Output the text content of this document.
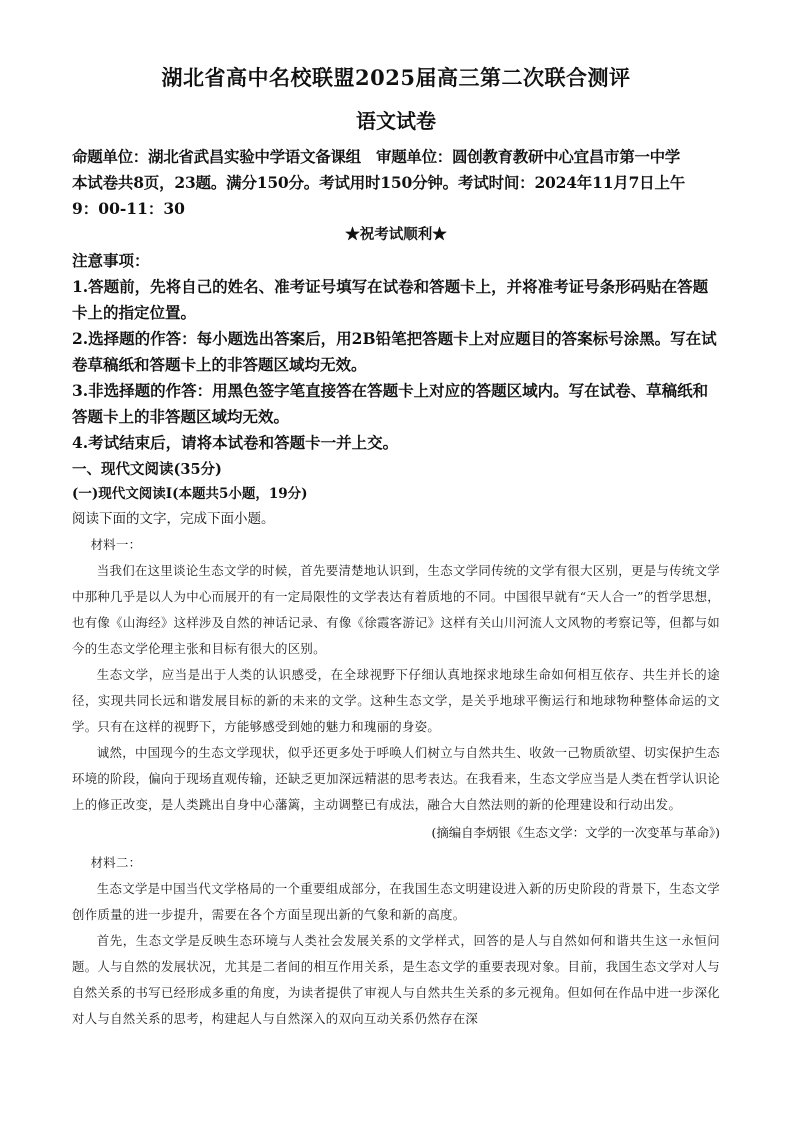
湖北省高中名校联盟2025届高三第二次联合测评
语文试卷

命题单位：湖北省武昌实验中学语文备课组　审题单位：圆创教育教研中心宜昌市第一中学

本试卷共8页，23题。满分150分。考试用时150分钟。考试时间：2024年11月7日上午

9：00-11：30

★祝考试顺利★
注意事项：

1.答题前，先将自己的姓名、准考证号填写在试卷和答题卡上，并将准考证号条形码贴在答题卡上的指定位置。

2.选择题的作答：每小题选出答案后，用2B铅笔把答题卡上对应题目的答案标号涂黑。写在试卷草稿纸和答题卡上的非答题区域均无效。

3.非选择题的作答：用黑色签字笔直接答在答题卡上对应的答题区域内。写在试卷、草稿纸和答题卡上的非答题区域均无效。

4.考试结束后，请将本试卷和答题卡一并上交。

一、现代文阅读(35分)
(一)现代文阅读Ⅰ(本题共5小题，19分)
阅读下面的文字，完成下面小题。

材料一：

当我们在这里谈论生态文学的时候，首先要清楚地认识到，生态文学同传统的文学有很大区别，更是与传统文学中那种几乎是以人为中心而展开的有一定局限性的文学表达有着质地的不同。中国很早就有“天人合一”的哲学思想，也有像《山海经》这样涉及自然的神话记录、有像《徐霞客游记》这样有关山川河流人文风物的考察记等，但都与如今的生态文学伦理主张和目标有很大的区别。

生态文学，应当是出于人类的认识感受，在全球视野下仔细认真地探求地球生命如何相互依存、共生并长的途径，实现共同长远和谐发展目标的新的未来的文学。这种生态文学，是关乎地球平衡运行和地球物种整体命运的文学。只有在这样的视野下，方能够感受到她的魅力和瑰丽的身姿。

诚然，中国现今的生态文学现状，似乎还更多处于呼唤人们树立与自然共生、收敛一己物质欲望、切实保护生态环境的阶段，偏向于现场直观传输，还缺乏更加深远精湛的思考表达。在我看来，生态文学应当是人类在哲学认识论上的修正改变，是人类跳出自身中心藩篱，主动调整已有成法，融合大自然法则的新的伦理建设和行动出发。

(摘编自李炳银《生态文学：文学的一次变革与革命》)

材料二：

生态文学是中国当代文学格局的一个重要组成部分，在我国生态文明建设进入新的历史阶段的背景下，生态文学创作质量的进一步提升，需要在各个方面呈现出新的气象和新的高度。

首先，生态文学是反映生态环境与人类社会发展关系的文学样式，回答的是人与自然如何和谐共生这一永恒问题。人与自然的发展状况，尤其是二者间的相互作用关系，是生态文学的重要表现对象。目前，我国生态文学对人与自然关系的书写已经形成多重的角度，为读者提供了审视人与自然共生关系的多元视角。但如何在作品中进一步深化对人与自然关系的思考，构建起人与自然深入的双向互动关系仍然存在深
